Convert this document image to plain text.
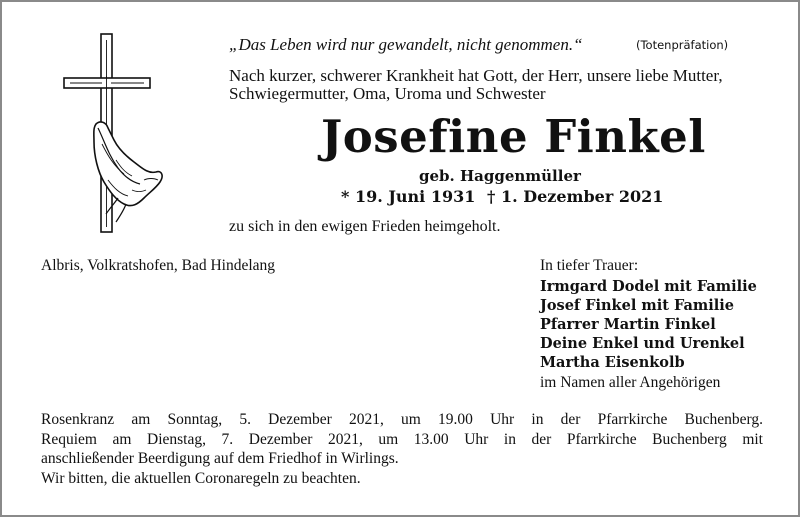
„Das Leben wird nur gewandelt, nicht genommen.“	(Totenpräfation)
Nach kurzer, schwerer Krankheit hat Gott, der Herr, unsere liebe Mutter,
Schwiegermutter, Oma, Uroma und Schwester
Josefine Finkel
geb. Haggenmüller
* 19. Juni 1931 † 1. Dezember 2021
zu sich in den ewigen Frieden heimgeholt.
Albris, Volkratshofen, Bad Hindelang	In tiefer Trauer:
Irmgard Dodel mit Familie
Josef Finkel mit Familie
Pfarrer Martin Finkel
Deine Enkel und Urenkel
Martha Eisenkolb
im Namen aller Angehörigen
Rosenkranz am Sonntag, 5. Dezember 2021, um 19.00 Uhr in der Pfarrkirche Buchenberg.
Requiem am Dienstag, 7. Dezember 2021, um 13.00 Uhr in der Pfarrkirche Buchenberg mit
anschließender Beerdigung auf dem Friedhof in Wirlings.
Wir bitten, die aktuellen Coronaregeln zu beachten.
